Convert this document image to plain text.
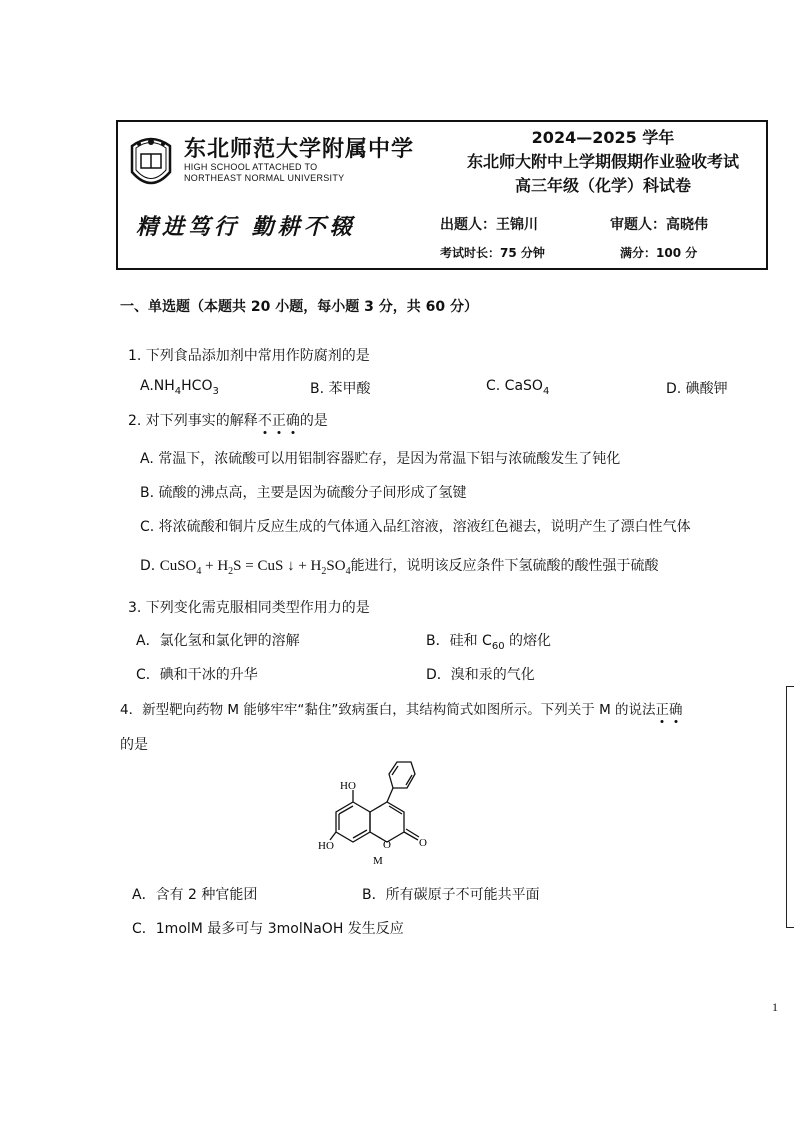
东北师范大学附属中学
HIGH SCHOOL ATTACHED TO
NORTHEAST NORMAL UNIVERSITY
精进笃行 勤耕不辍
2024—2025 学年
东北师大附中上学期假期作业验收考试
高三年级（化学）科试卷
出题人：王锦川	审题人：高晓伟
考试时长：75 分钟	满分：100 分
一、单选题（本题共 20 小题，每小题 3 分，共 60 分）
1. 下列食品添加剂中常用作防腐剂的是
$A.NH_4HCO_3$	B. 苯甲酸	C. CaSO$_4$	D. 碘酸钾
2. 对下列事实的解释不正确的是
A. 常温下，浓硫酸可以用铝制容器贮存，是因为常温下铝与浓硫酸发生了钝化
B. 硫酸的沸点高，主要是因为硫酸分子间形成了氢键
C. 将浓硫酸和铜片反应生成的气体通入品红溶液，溶液红色褪去，说明产生了漂白性气体
D. CuSO$_4$ + $H_2S$ = CuS ↓ + $H_2SO_4$能进行，说明该反应条件下氢硫酸的酸性强于硫酸
3. 下列变化需克服相同类型作用力的是
A．氯化氢和氯化钾的溶解	B．硅和 $C_{60}$ 的熔化
C．碘和干冰的升华	D．溴和汞的气化
4．新型靶向药物 M 能够牢牢“黏住”致病蛋白，其结构简式如图所示。下列关于 M 的说法正确
的是
HO
HO	O	O
M
A．含有 2 种官能团	B．所有碳原子不可能共平面
C．1molM 最多可与 3molNaOH 发生反应
1
